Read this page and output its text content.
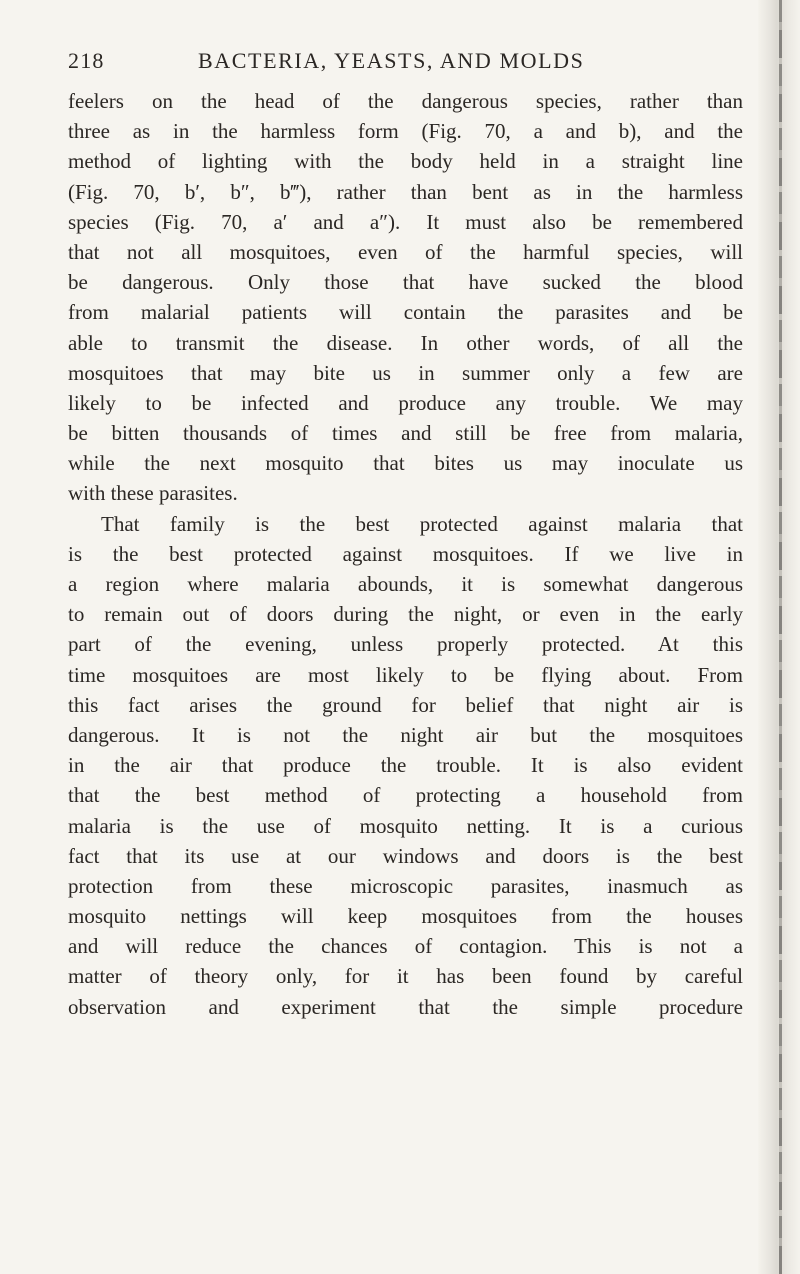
218	BACTERIA, YEASTS, AND MOLDS
feelers on the head of the dangerous species, rather than
three as in the harmless form (Fig. 70, a and b), and the
method of lighting with the body held in a straight line
(Fig. 70, b′, b″, b‴), rather than bent as in the harmless
species (Fig. 70, a′ and a″). It must also be remembered
that not all mosquitoes, even of the harmful species, will
be dangerous. Only those that have sucked the blood
from malarial patients will contain the parasites and be
able to transmit the disease. In other words, of all the
mosquitoes that may bite us in summer only a few are
likely to be infected and produce any trouble. We may
be bitten thousands of times and still be free from malaria,
while the next mosquito that bites us may inoculate us
with these parasites.
That family is the best protected against malaria that
is the best protected against mosquitoes. If we live in
a region where malaria abounds, it is somewhat dangerous
to remain out of doors during the night, or even in the early
part of the evening, unless properly protected. At this
time mosquitoes are most likely to be flying about. From
this fact arises the ground for belief that night air is
dangerous. It is not the night air but the mosquitoes
in the air that produce the trouble. It is also evident
that the best method of protecting a household from
malaria is the use of mosquito netting. It is a curious
fact that its use at our windows and doors is the best
protection from these microscopic parasites, inasmuch as
mosquito nettings will keep mosquitoes from the houses
and will reduce the chances of contagion. This is not a
matter of theory only, for it has been found by careful
observation and experiment that the simple procedure
